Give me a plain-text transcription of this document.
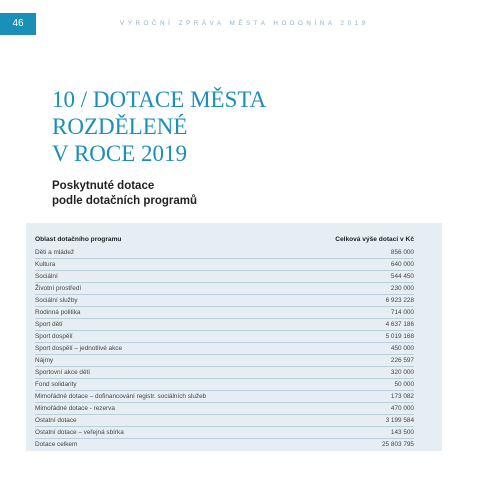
46	VÝROČNÍ ZPRÁVA MĚSTA HODONÍNA 2019
10 / DOTACE MĚSTA
ROZDĚLENÉ
V ROCE 2019
Poskytnuté dotace
podle dotačních programů
Oblast dotačního programu	Celková výše dotací v Kč
Děti a mládež	856 000
Kultura	640 000
Sociální	544 450
Životní prostředí	230 000
Sociální služby	6 923 228
Rodinná politika	714 000
Sport dětí	4 637 186
Sport dospělí	5 019 168
Sport dospělí – jednotlivé akce	450 000
Nájmy	226 597
Sportovní akce dětí	320 000
Fond solidarity	50 000
Mimořádné dotace – dofinancování registr. sociálních služeb	173 082
Mimořádné dotace - rezerva	470 000
Ostatní dotace	3 199 584
Ostatní dotace – veřejná sbírka	143 500
Dotace celkem	25 803 795
